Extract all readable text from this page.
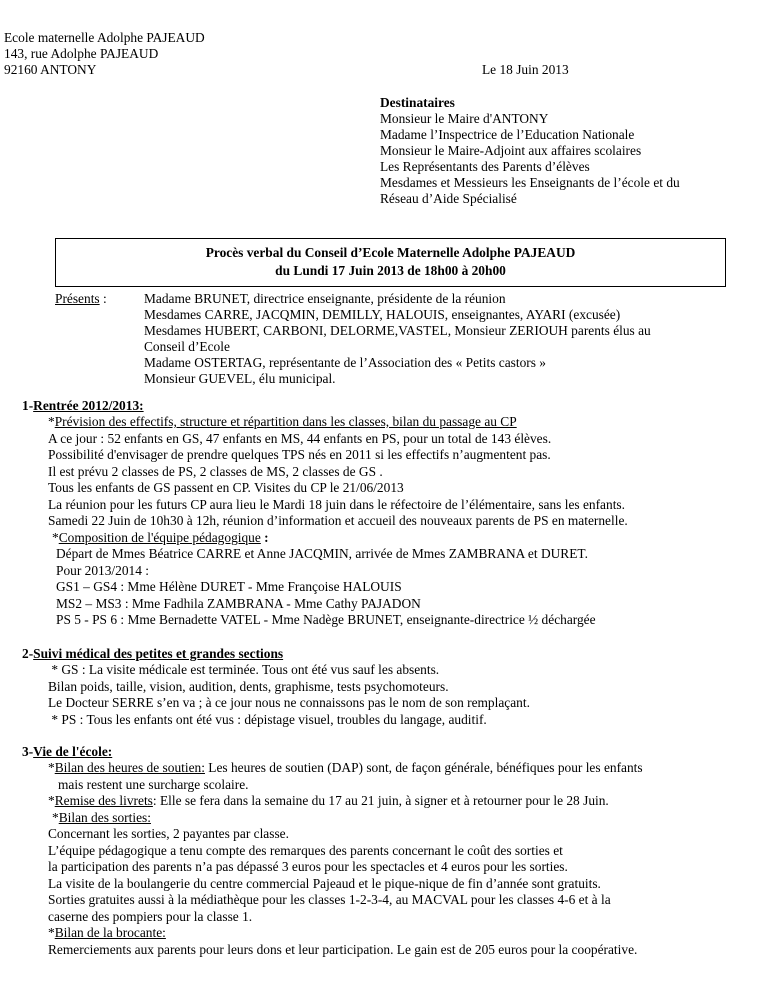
Ecole maternelle Adolphe PAJEAUD
143, rue Adolphe PAJEAUD
92160 ANTONY	Le 18 Juin 2013
Destinataires
Monsieur le Maire d'ANTONY
Madame l’Inspectrice de l’Education Nationale
Monsieur le Maire-Adjoint aux affaires scolaires
Les Représentants des Parents d’élèves
Mesdames et Messieurs les Enseignants de l’école et du
Réseau d’Aide Spécialisé
Procès verbal du Conseil d’Ecole Maternelle Adolphe PAJEAUD
du Lundi 17 Juin 2013 de 18h00 à 20h00
Présents :	Madame BRUNET, directrice enseignante, présidente de la réunion
Mesdames CARRE, JACQMIN, DEMILLY, HALOUIS, enseignantes, AYARI (excusée)
Mesdames HUBERT, CARBONI, DELORME,VASTEL, Monsieur ZERIOUH parents élus au
Conseil d’Ecole
Madame OSTERTAG, représentante de l’Association des « Petits castors »
Monsieur GUEVEL, élu municipal.
1-Rentrée 2012/2013:
*Prévision des effectifs, structure et répartition dans les classes, bilan du passage au CP
A ce jour : 52 enfants en GS, 47 enfants en MS, 44 enfants en PS, pour un total de 143 élèves.
Possibilité d'envisager de prendre quelques TPS nés en 2011 si les effectifs n’augmentent pas.
Il est prévu 2 classes de PS, 2 classes de MS, 2 classes de GS .
Tous les enfants de GS passent en CP. Visites du CP le 21/06/2013
La réunion pour les futurs CP aura lieu le Mardi 18 juin dans le réfectoire de l’élémentaire, sans les enfants.
Samedi 22 Juin de 10h30 à 12h, réunion d’information et accueil des nouveaux parents de PS en maternelle.
*Composition de l'équipe pédagogique :
Départ de Mmes Béatrice CARRE et Anne JACQMIN, arrivée de Mmes ZAMBRANA et DURET.
Pour 2013/2014 :
GS1 – GS4 : Mme Hélène DURET - Mme Françoise HALOUIS
MS2 – MS3 : Mme Fadhila ZAMBRANA - Mme Cathy PAJADON
PS 5 - PS 6 : Mme Bernadette VATEL - Mme Nadège BRUNET, enseignante-directrice ½ déchargée
2-Suivi médical des petites et grandes sections
* GS : La visite médicale est terminée. Tous ont été vus sauf les absents.
Bilan poids, taille, vision, audition, dents, graphisme, tests psychomoteurs.
Le Docteur SERRE s’en va ; à ce jour nous ne connaissons pas le nom de son remplaçant.
* PS : Tous les enfants ont été vus : dépistage visuel, troubles du langage, auditif.
3-Vie de l'école:
*Bilan des heures de soutien: Les heures de soutien (DAP) sont, de façon générale, bénéfiques pour les enfants
mais restent une surcharge scolaire.
*Remise des livrets: Elle se fera dans la semaine du 17 au 21 juin, à signer et à retourner pour le 28 Juin.
*Bilan des sorties:
Concernant les sorties, 2 payantes par classe.
L’équipe pédagogique a tenu compte des remarques des parents concernant le coût des sorties et
la participation des parents n’a pas dépassé 3 euros pour les spectacles et 4 euros pour les sorties.
La visite de la boulangerie du centre commercial Pajeaud et le pique-nique de fin d’année sont gratuits.
Sorties gratuites aussi à la médiathèque pour les classes 1-2-3-4, au MACVAL pour les classes 4-6 et à la
caserne des pompiers pour la classe 1.
*Bilan de la brocante:
Remerciements aux parents pour leurs dons et leur participation. Le gain est de 205 euros pour la coopérative.
